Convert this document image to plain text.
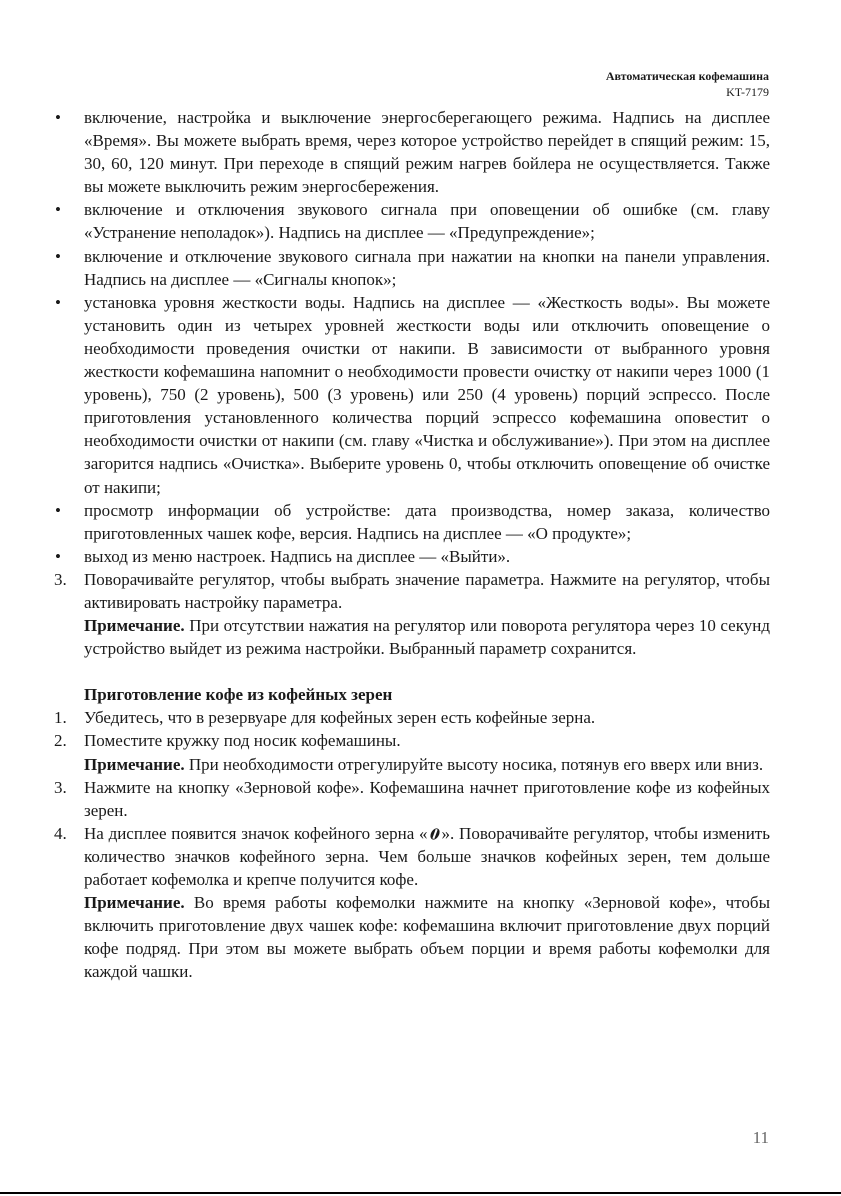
Автоматическая кофемашина
KT-7179
• включение, настройка и выключение энергосберегающего режима. Надпись на дисплее «Время». Вы можете выбрать время, через которое устройство перейдет в спящий режим: 15, 30, 60, 120 минут. При переходе в спящий режим нагрев бойлера не осуществляется. Также вы можете выключить режим энергосбережения.
• включение и отключения звукового сигнала при оповещении об ошибке (см. главу «Устранение неполадок»). Надпись на дисплее — «Предупреждение»;
• включение и отключение звукового сигнала при нажатии на кнопки на панели управления. Надпись на дисплее — «Сигналы кнопок»;
• установка уровня жесткости воды. Надпись на дисплее — «Жесткость воды». Вы можете установить один из четырех уровней жесткости воды или отключить оповещение о необходимости проведения очистки от накипи. В зависимости от выбранного уровня жесткости кофемашина напомнит о необходимости провести очистку от накипи через 1000 (1 уровень), 750 (2 уровень), 500 (3 уровень) или 250 (4 уровень) порций эспрессо. После приготовления установленного количества порций эспрессо кофемашина оповестит о необходимости очистки от накипи (см. главу «Чистка и обслуживание»). При этом на дисплее загорится надпись «Очистка». Выберите уровень 0, чтобы отключить оповещение об очистке от накипи;
• просмотр информации об устройстве: дата производства, номер заказа, количество приготовленных чашек кофе, версия. Надпись на дисплее — «О продукте»;
• выход из меню настроек. Надпись на дисплее — «Выйти».
3. Поворачивайте регулятор, чтобы выбрать значение параметра. Нажмите на регулятор, чтобы активировать настройку параметра.
Примечание. При отсутствии нажатия на регулятор или поворота регулятора через 10 секунд устройство выйдет из режима настройки. Выбранный параметр сохранится.
Приготовление кофе из кофейных зерен
1. Убедитесь, что в резервуаре для кофейных зерен есть кофейные зерна.
2. Поместите кружку под носик кофемашины.
Примечание. При необходимости отрегулируйте высоту носика, потянув его вверх или вниз.
3. Нажмите на кнопку «Зерновой кофе». Кофемашина начнет приготовление кофе из кофейных зерен.
4. На дисплее появится значок кофейного зерна « ». Поворачивайте регулятор, чтобы изменить количество значков кофейного зерна. Чем больше значков кофейных зерен, тем дольше работает кофемолка и крепче получится кофе.
Примечание. Во время работы кофемолки нажмите на кнопку «Зерновой кофе», чтобы включить приготовление двух чашек кофе: кофемашина включит приготовление двух порций кофе подряд. При этом вы можете выбрать объем порции и время работы кофемолки для каждой чашки.
11
